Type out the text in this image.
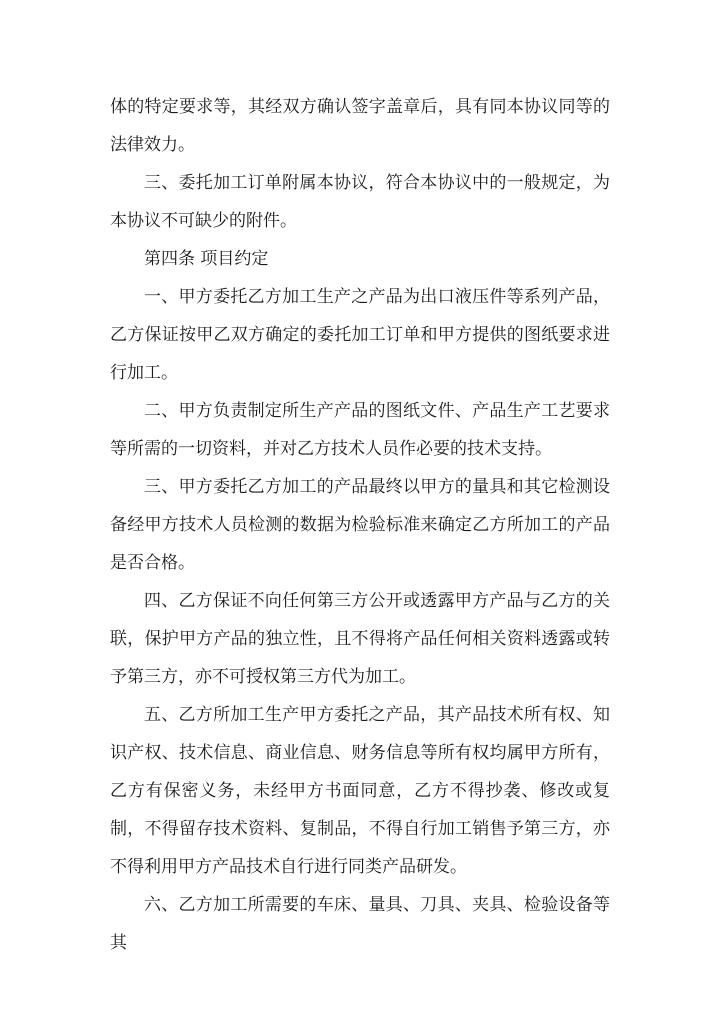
体的特定要求等，其经双方确认签字盖章后，具有同本协议同等的法律效力。

三、委托加工订单附属本协议，符合本协议中的一般规定，为本协议不可缺少的附件。

第四条 项目约定

一、甲方委托乙方加工生产之产品为出口液压件等系列产品，乙方保证按甲乙双方确定的委托加工订单和甲方提供的图纸要求进行加工。

二、甲方负责制定所生产产品的图纸文件、产品生产工艺要求等所需的一切资料，并对乙方技术人员作必要的技术支持。

三、甲方委托乙方加工的产品最终以甲方的量具和其它检测设备经甲方技术人员检测的数据为检验标准来确定乙方所加工的产品是否合格。

四、乙方保证不向任何第三方公开或透露甲方产品与乙方的关联，保护甲方产品的独立性，且不得将产品任何相关资料透露或转予第三方，亦不可授权第三方代为加工。

五、乙方所加工生产甲方委托之产品，其产品技术所有权、知识产权、技术信息、商业信息、财务信息等所有权均属甲方所有，乙方有保密义务，未经甲方书面同意，乙方不得抄袭、修改或复制，不得留存技术资料、复制品，不得自行加工销售予第三方，亦不得利用甲方产品技术自行进行同类产品研发。

六、乙方加工所需要的车床、量具、刀具、夹具、检验设备等其
